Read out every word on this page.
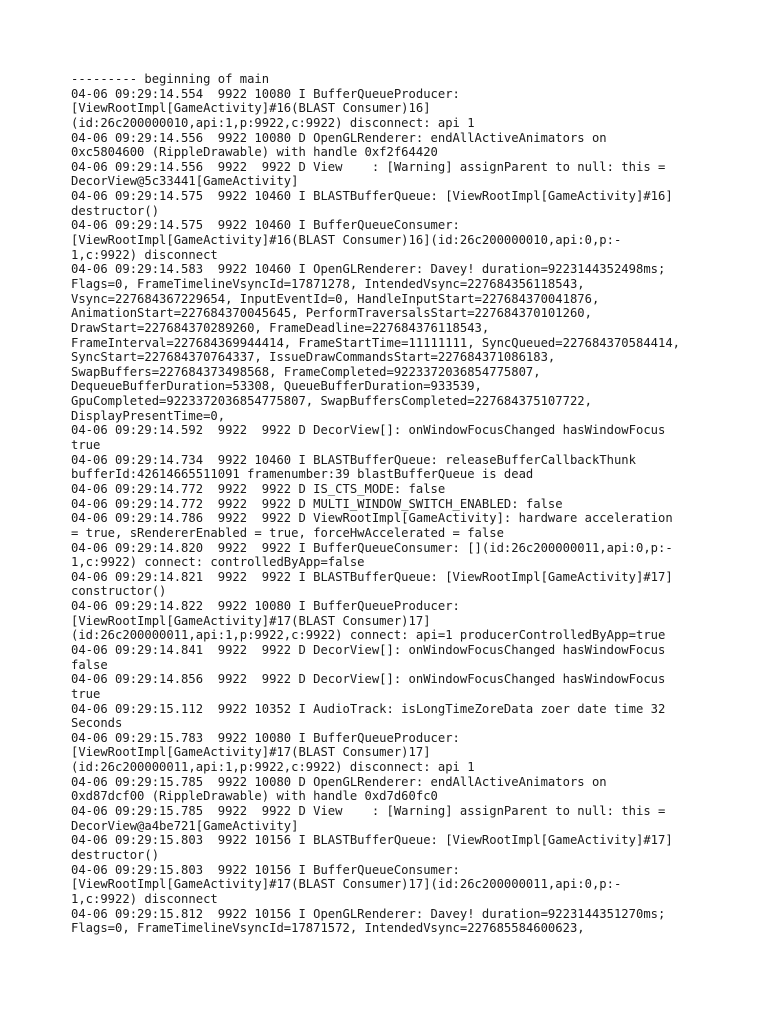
--------- beginning of main
04-06 09:29:14.554  9922 10080 I BufferQueueProducer:
[ViewRootImpl[GameActivity]#16(BLAST Consumer)16]
(id:26c200000010,api:1,p:9922,c:9922) disconnect: api 1
04-06 09:29:14.556  9922 10080 D OpenGLRenderer: endAllActiveAnimators on
0xc5804600 (RippleDrawable) with handle 0xf2f64420
04-06 09:29:14.556  9922  9922 D View    : [Warning] assignParent to null: this =
DecorView@5c33441[GameActivity]
04-06 09:29:14.575  9922 10460 I BLASTBufferQueue: [ViewRootImpl[GameActivity]#16]
destructor()
04-06 09:29:14.575  9922 10460 I BufferQueueConsumer:
[ViewRootImpl[GameActivity]#16(BLAST Consumer)16](id:26c200000010,api:0,p:-
1,c:9922) disconnect
04-06 09:29:14.583  9922 10460 I OpenGLRenderer: Davey! duration=9223144352498ms;
Flags=0, FrameTimelineVsyncId=17871278, IntendedVsync=227684356118543,
Vsync=227684367229654, InputEventId=0, HandleInputStart=227684370041876,
AnimationStart=227684370045645, PerformTraversalsStart=227684370101260,
DrawStart=227684370289260, FrameDeadline=227684376118543,
FrameInterval=227684369944414, FrameStartTime=11111111, SyncQueued=227684370584414,
SyncStart=227684370764337, IssueDrawCommandsStart=227684371086183,
SwapBuffers=227684373498568, FrameCompleted=9223372036854775807,
DequeueBufferDuration=53308, QueueBufferDuration=933539,
GpuCompleted=9223372036854775807, SwapBuffersCompleted=227684375107722,
DisplayPresentTime=0,
04-06 09:29:14.592  9922  9922 D DecorView[]: onWindowFocusChanged hasWindowFocus
true
04-06 09:29:14.734  9922 10460 I BLASTBufferQueue: releaseBufferCallbackThunk
bufferId:42614665511091 framenumber:39 blastBufferQueue is dead
04-06 09:29:14.772  9922  9922 D IS_CTS_MODE: false
04-06 09:29:14.772  9922  9922 D MULTI_WINDOW_SWITCH_ENABLED: false
04-06 09:29:14.786  9922  9922 D ViewRootImpl[GameActivity]: hardware acceleration
= true, sRendererEnabled = true, forceHwAccelerated = false
04-06 09:29:14.820  9922  9922 I BufferQueueConsumer: [](id:26c200000011,api:0,p:-
1,c:9922) connect: controlledByApp=false
04-06 09:29:14.821  9922  9922 I BLASTBufferQueue: [ViewRootImpl[GameActivity]#17]
constructor()
04-06 09:29:14.822  9922 10080 I BufferQueueProducer:
[ViewRootImpl[GameActivity]#17(BLAST Consumer)17]
(id:26c200000011,api:1,p:9922,c:9922) connect: api=1 producerControlledByApp=true
04-06 09:29:14.841  9922  9922 D DecorView[]: onWindowFocusChanged hasWindowFocus
false
04-06 09:29:14.856  9922  9922 D DecorView[]: onWindowFocusChanged hasWindowFocus
true
04-06 09:29:15.112  9922 10352 I AudioTrack: isLongTimeZoreData zoer date time 32
Seconds
04-06 09:29:15.783  9922 10080 I BufferQueueProducer:
[ViewRootImpl[GameActivity]#17(BLAST Consumer)17]
(id:26c200000011,api:1,p:9922,c:9922) disconnect: api 1
04-06 09:29:15.785  9922 10080 D OpenGLRenderer: endAllActiveAnimators on
0xd87dcf00 (RippleDrawable) with handle 0xd7d60fc0
04-06 09:29:15.785  9922  9922 D View    : [Warning] assignParent to null: this =
DecorView@a4be721[GameActivity]
04-06 09:29:15.803  9922 10156 I BLASTBufferQueue: [ViewRootImpl[GameActivity]#17]
destructor()
04-06 09:29:15.803  9922 10156 I BufferQueueConsumer:
[ViewRootImpl[GameActivity]#17(BLAST Consumer)17](id:26c200000011,api:0,p:-
1,c:9922) disconnect
04-06 09:29:15.812  9922 10156 I OpenGLRenderer: Davey! duration=9223144351270ms;
Flags=0, FrameTimelineVsyncId=17871572, IntendedVsync=227685584600623,
